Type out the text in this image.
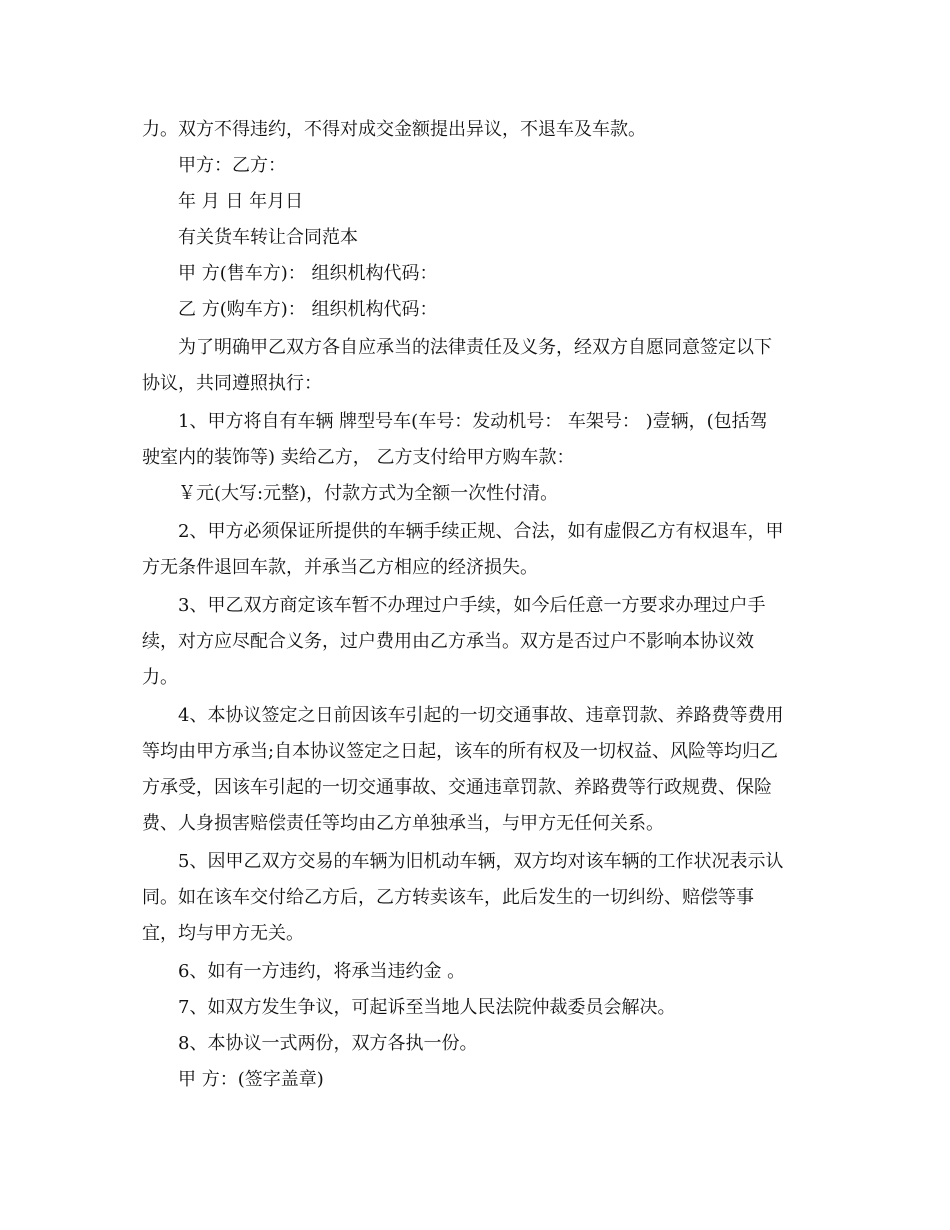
力。双方不得违约，不得对成交金额提出异议，不退车及车款。
甲方：乙方：
年 月 日 年月日
有关货车转让合同范本
甲 方(售车方)： 组织机构代码：
乙 方(购车方)： 组织机构代码：
为了明确甲乙双方各自应承当的法律责任及义务，经双方自愿同意签定以下
协议，共同遵照执行：
1、甲方将自有车辆 牌型号车(车号：发动机号： 车架号： )壹辆，(包括驾
驶室内的装饰等) 卖给乙方， 乙方支付给甲方购车款：
￥元(大写:元整)，付款方式为全额一次性付清。
2、甲方必须保证所提供的车辆手续正规、合法，如有虚假乙方有权退车，甲
方无条件退回车款，并承当乙方相应的经济损失。
3、甲乙双方商定该车暂不办理过户手续，如今后任意一方要求办理过户手
续，对方应尽配合义务，过户费用由乙方承当。双方是否过户不影响本协议效
力。
4、本协议签定之日前因该车引起的一切交通事故、违章罚款、养路费等费用
等均由甲方承当;自本协议签定之日起，该车的所有权及一切权益、风险等均归乙
方承受，因该车引起的一切交通事故、交通违章罚款、养路费等行政规费、保险
费、人身损害赔偿责任等均由乙方单独承当，与甲方无任何关系。
5、因甲乙双方交易的车辆为旧机动车辆，双方均对该车辆的工作状况表示认
同。如在该车交付给乙方后，乙方转卖该车，此后发生的一切纠纷、赔偿等事
宜，均与甲方无关。
6、如有一方违约，将承当违约金 。
7、如双方发生争议，可起诉至当地人民法院仲裁委员会解决。
8、本协议一式两份，双方各执一份。
甲 方：(签字盖章)
